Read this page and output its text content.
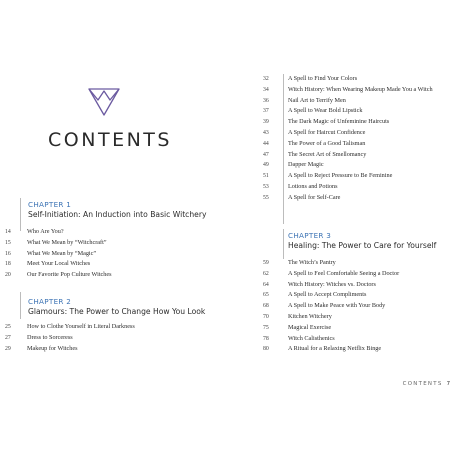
CONTENTS
CHAPTER 1
Self-Initiation: An Induction into Basic Witchery
14	Who Are You?
15	What We Mean by “Witchcraft”
16	What We Mean by “Magic”
18	Meet Your Local Witches
20	Our Favorite Pop Culture Witches
CHAPTER 2
Glamours: The Power to Change How You Look
25	How to Clothe Yourself in Literal Darkness
27	Dress to Sorceress
29	Makeup for Witches
32	A Spell to Find Your Colors
34	Witch History: When Wearing Makeup Made You a Witch
36	Nail Art to Terrify Men
37	A Spell to Wear Bold Lipstick
39	The Dark Magic of Unfeminine Haircuts
43	A Spell for Haircut Confidence
44	The Power of a Good Talisman
47	The Secret Art of Smellomancy
49	Dapper Magic
51	A Spell to Reject Pressure to Be Feminine
53	Lotions and Potions
55	A Spell for Self-Care
CHAPTER 3
Healing: The Power to Care for Yourself
59	The Witch’s Pantry
62	A Spell to Feel Comfortable Seeing a Doctor
64	Witch History: Witches vs. Doctors
65	A Spell to Accept Compliments
68	A Spell to Make Peace with Your Body
70	Kitchen Witchery
75	Magical Exercise
78	Witch Calisthenics
80	A Ritual for a Relaxing Netflix Binge
CONTENTS 7
